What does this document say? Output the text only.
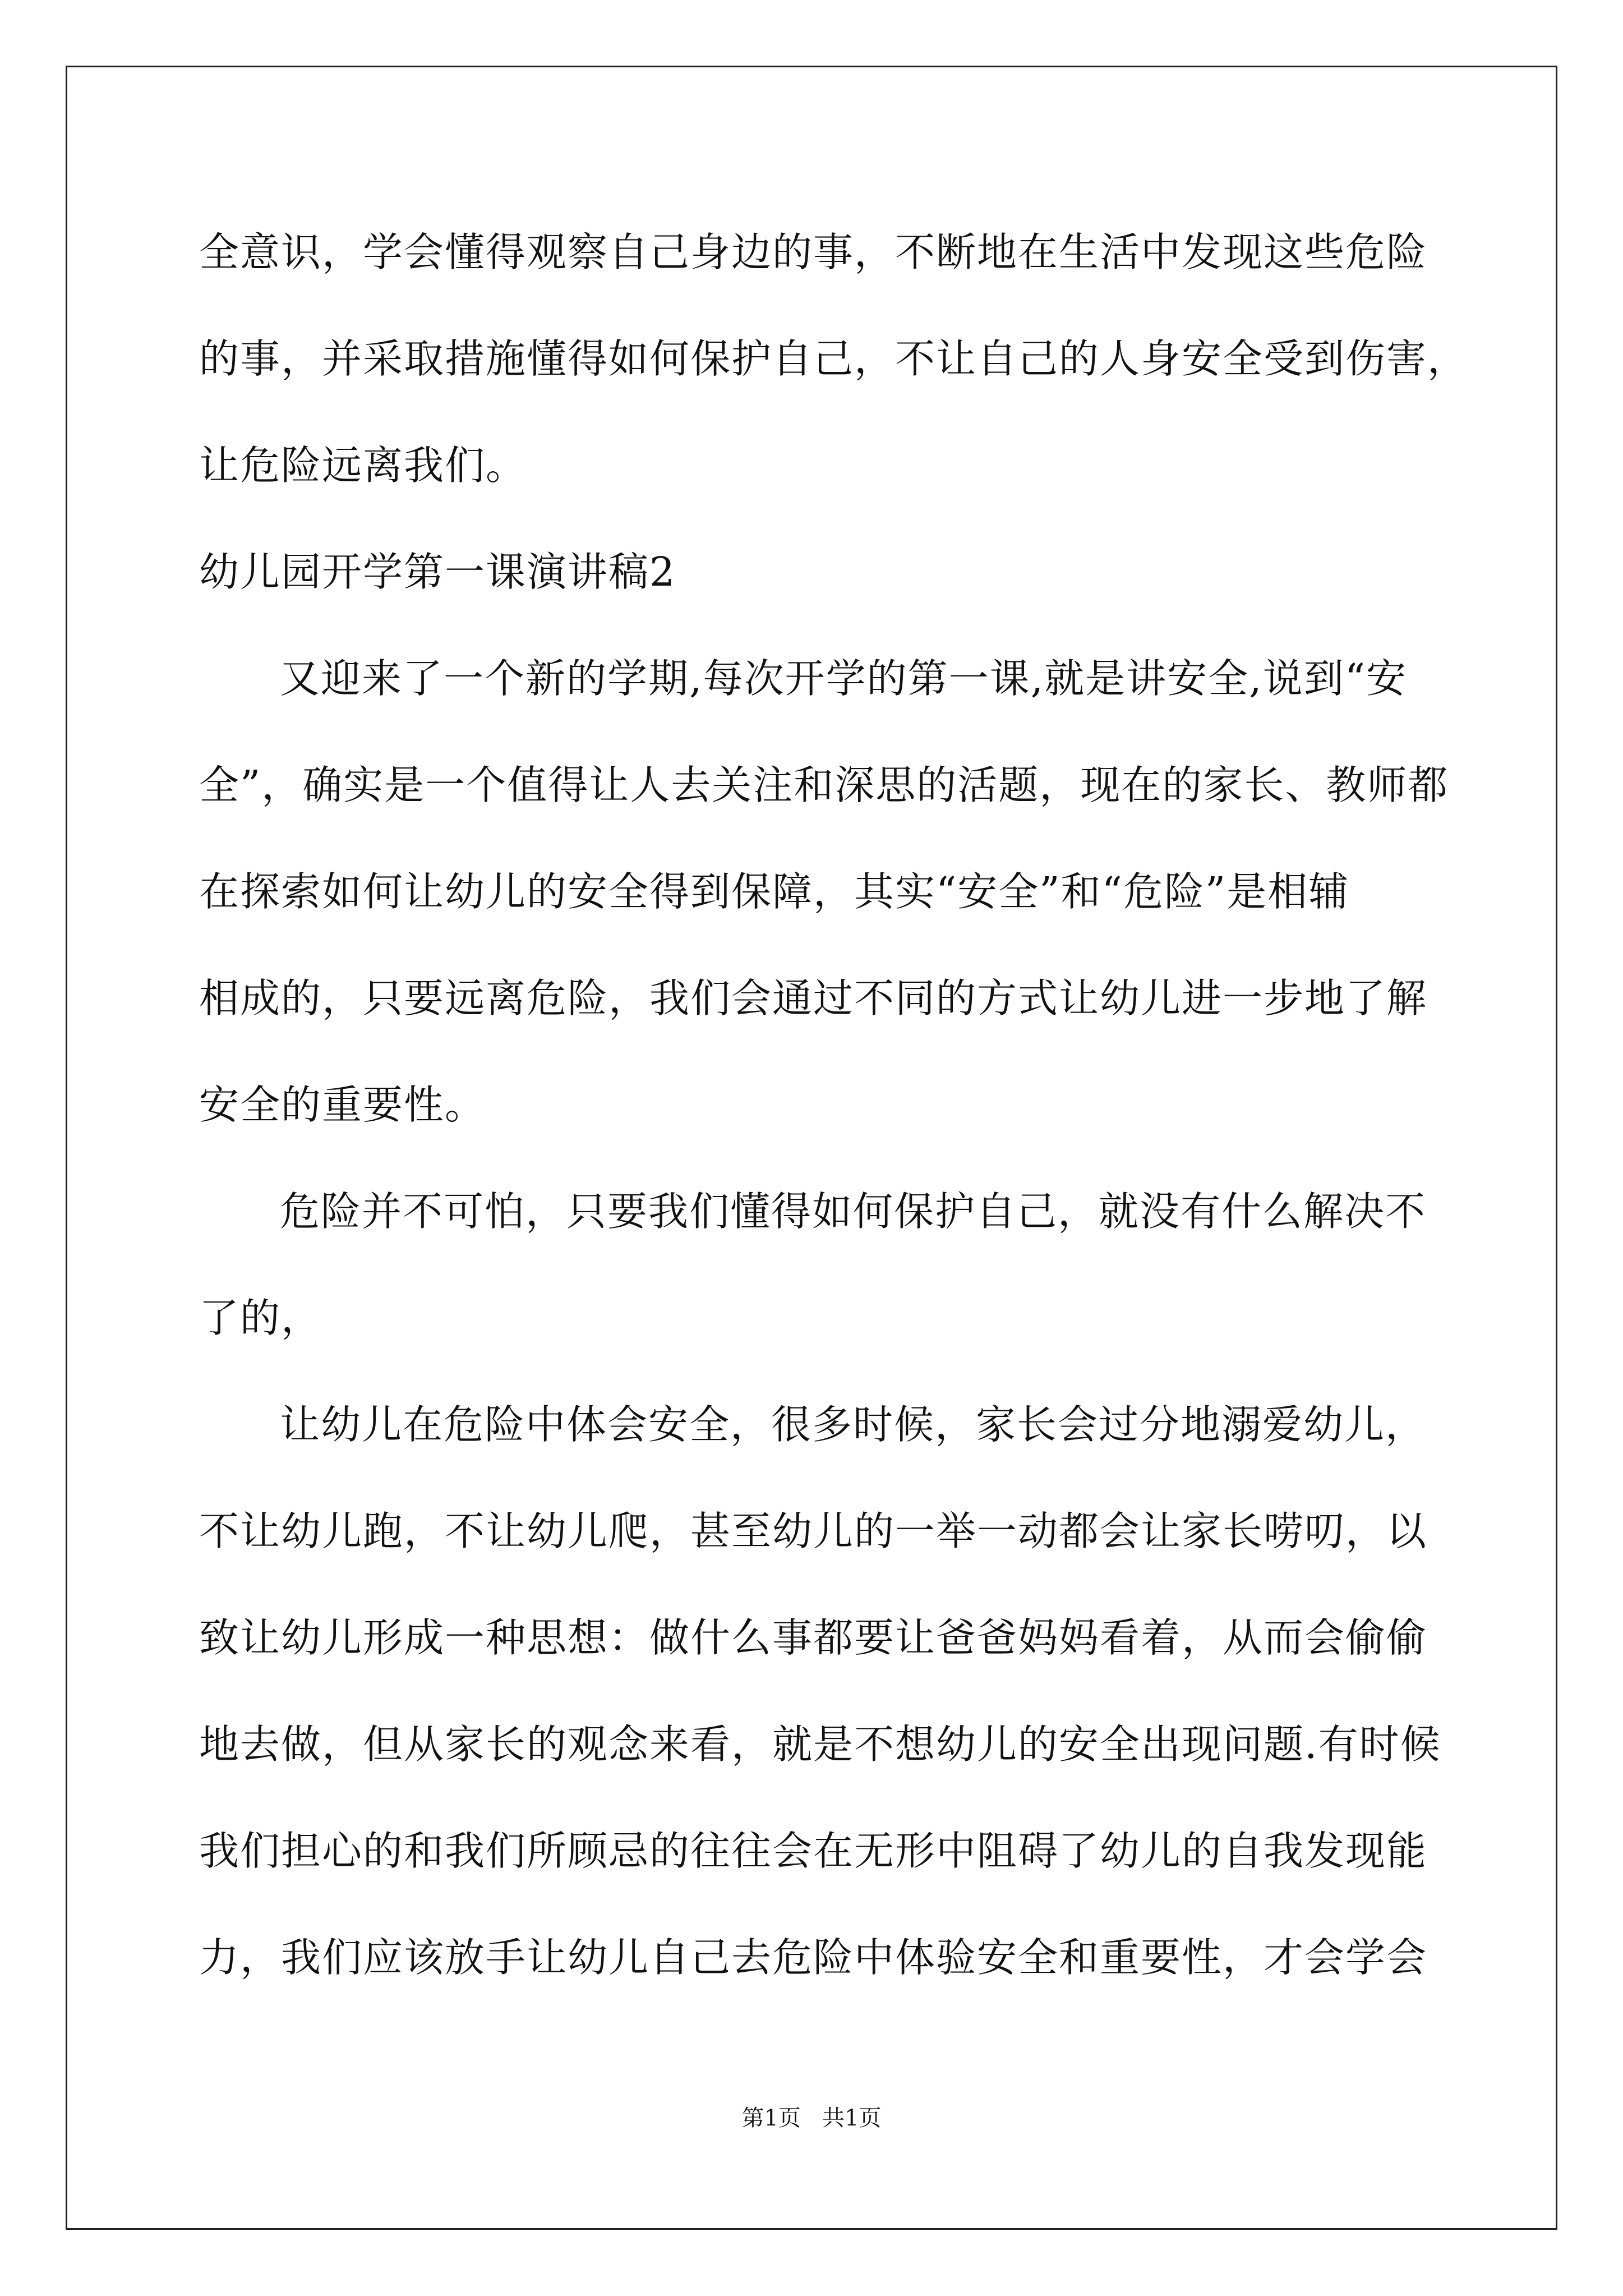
全意识，学会懂得观察自己身边的事，不断地在生活中发现这些危险
的事，并采取措施懂得如何保护自己，不让自己的人身安全受到伤害，
让危险远离我们。
幼儿园开学第一课演讲稿2
又迎来了一个新的学期,每次开学的第一课,就是讲安全,说到“安
全”，确实是一个值得让人去关注和深思的活题，现在的家长、教师都
在探索如何让幼儿的安全得到保障，其实“安全”和“危险”是相辅
相成的，只要远离危险，我们会通过不同的方式让幼儿进一步地了解
安全的重要性。
危险并不可怕，只要我们懂得如何保护自己，就没有什么解决不
了的，
让幼儿在危险中体会安全，很多时候，家长会过分地溺爱幼儿，
不让幼儿跑，不让幼儿爬，甚至幼儿的一举一动都会让家长唠叨，以
致让幼儿形成一种思想：做什么事都要让爸爸妈妈看着，从而会偷偷
地去做，但从家长的观念来看，就是不想幼儿的安全出现问题.有时候
我们担心的和我们所顾忌的往往会在无形中阻碍了幼儿的自我发现能
力，我们应该放手让幼儿自己去危险中体验安全和重要性，才会学会
第1页   共1页
